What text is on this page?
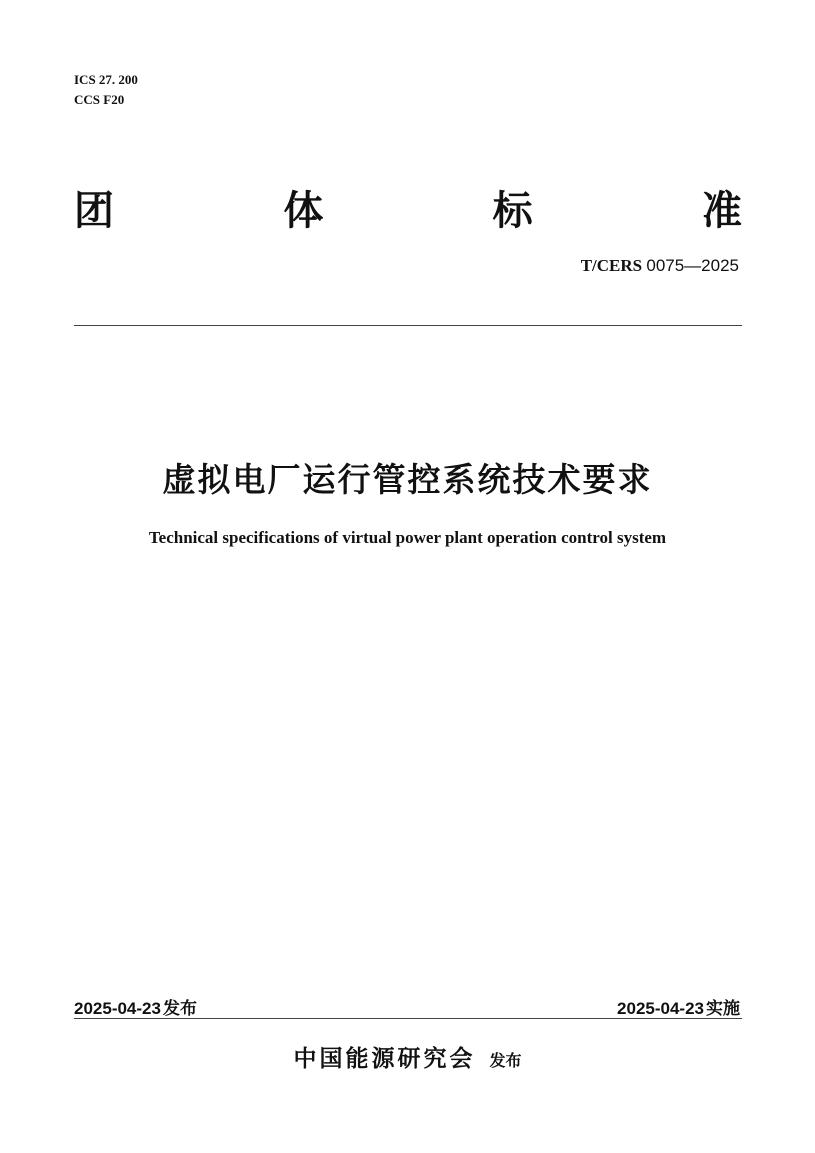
ICS 27. 200
CCS F20
团	体	标	准
T/CERS 0075—2025
虚拟电厂运行管控系统技术要求
Technical specifications of virtual power plant operation control system
2025-04-23 发布	2025-04-23 实施
中国能源研究会 发布
